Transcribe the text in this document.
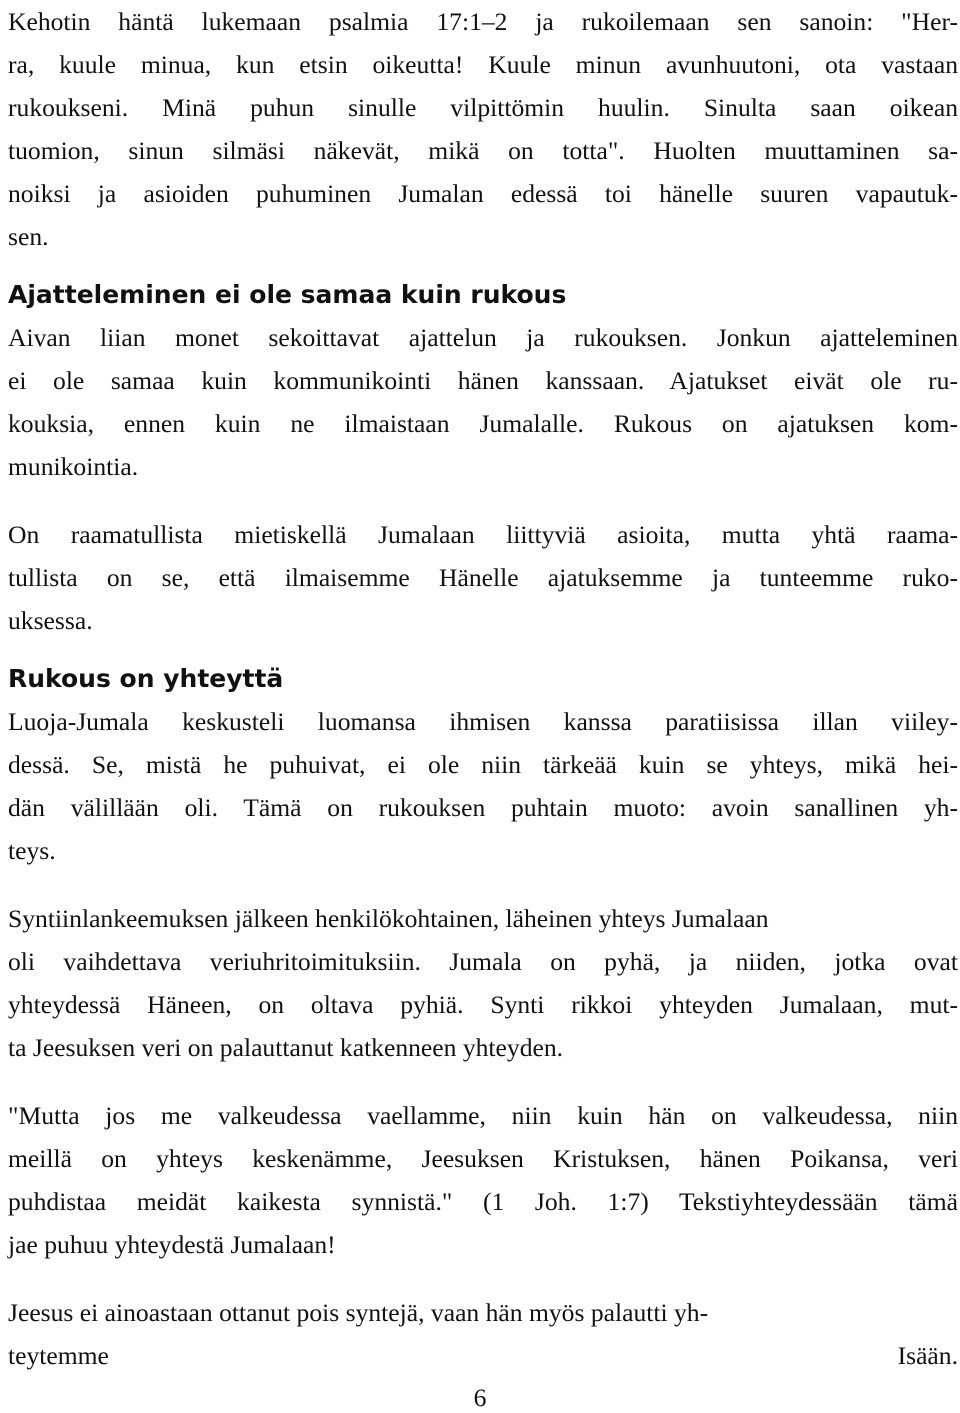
Kehotin häntä lukemaan psalmia 17:1–2 ja rukoilemaan sen sanoin: "Her-
ra, kuule minua, kun etsin oikeutta! Kuule minun avunhuutoni, ota vastaan
rukoukseni. Minä puhun sinulle vilpittömin huulin. Sinulta saan oikean
tuomion, sinun silmäsi näkevät, mikä on totta". Huolten muuttaminen sa-
noiksi ja asioiden puhuminen Jumalan edessä toi hänelle suuren vapautuk-
sen.

Ajatteleminen ei ole samaa kuin rukous

Aivan liian monet sekoittavat ajattelun ja rukouksen. Jonkun ajatteleminen
ei ole samaa kuin kommunikointi hänen kanssaan. Ajatukset eivät ole ru-
kouksia, ennen kuin ne ilmaistaan Jumalalle. Rukous on ajatuksen kom-
munikointia.

On raamatullista mietiskellä Jumalaan liittyviä asioita, mutta yhtä raama-
tullista on se, että ilmaisemme Hänelle ajatuksemme ja tunteemme ruko-
uksessa.

Rukous on yhteyttä

Luoja-Jumala keskusteli luomansa ihmisen kanssa paratiisissa illan viiley-
dessä. Se, mistä he puhuivat, ei ole niin tärkeää kuin se yhteys, mikä hei-
dän välillään oli. Tämä on rukouksen puhtain muoto: avoin sanallinen yh-
teys.

Syntiinlankeemuksen jälkeen henkilökohtainen, läheinen yhteys Jumalaan
oli vaihdettava veriuhritoimituksiin. Jumala on pyhä, ja niiden, jotka ovat
yhteydessä Häneen, on oltava pyhiä. Synti rikkoi yhteyden Jumalaan, mut-
ta Jeesuksen veri on palauttanut katkenneen yhteyden.

"Mutta jos me valkeudessa vaellamme, niin kuin hän on valkeudessa, niin
meillä on yhteys keskenämme, Jeesuksen Kristuksen, hänen Poikansa, veri
puhdistaa meidät kaikesta synnistä." (1 Joh. 1:7) Tekstiyhteydessään tämä
jae puhuu yhteydestä Jumalaan!

Jeesus ei ainoastaan ottanut pois syntejä, vaan hän myös palautti yh-
teytemme	Isään.

6
